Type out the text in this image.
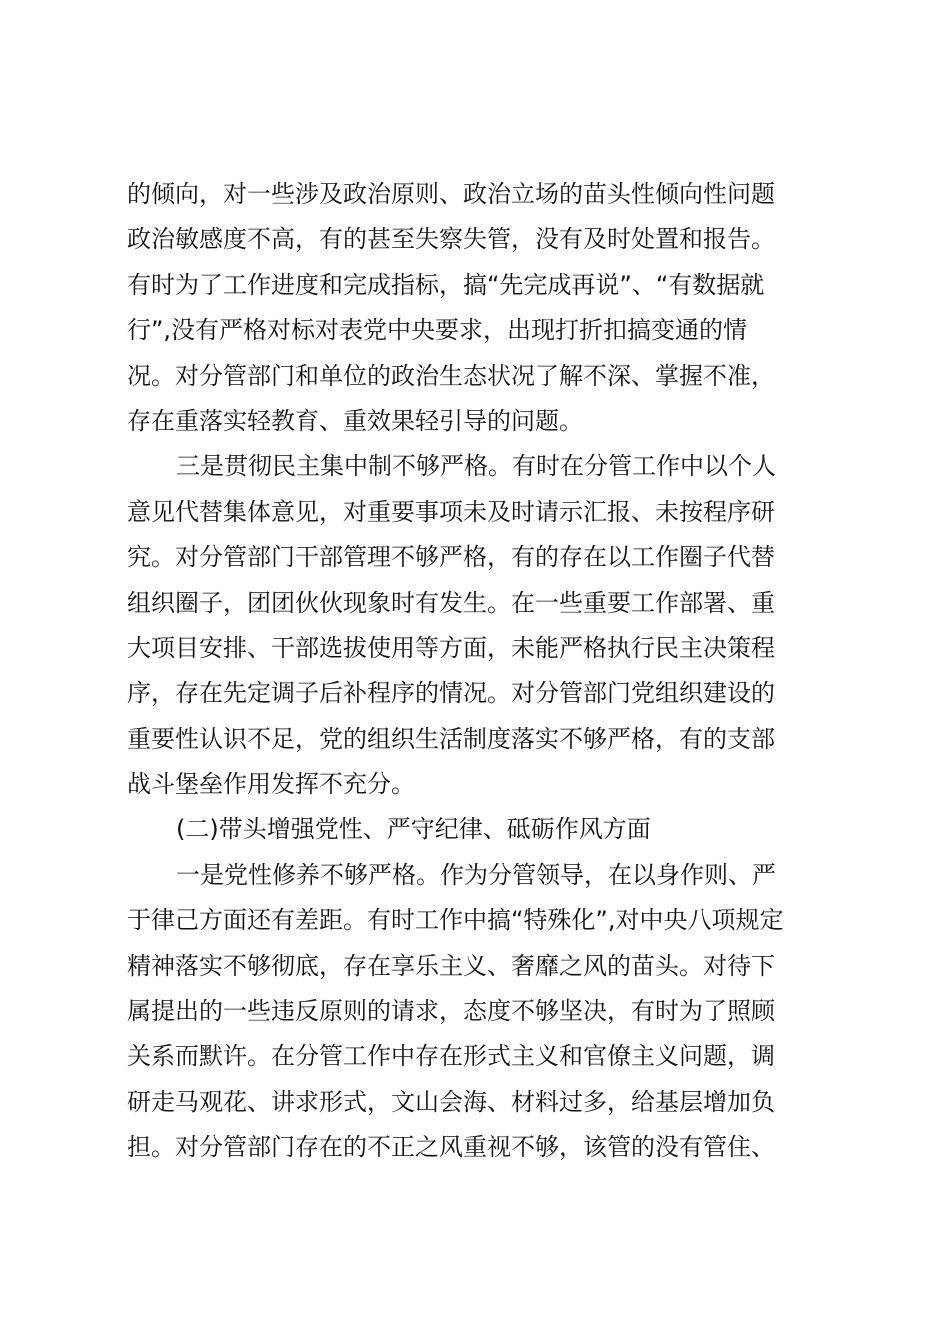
的倾向，对一些涉及政治原则、政治立场的苗头性倾向性问题
政治敏感度不高，有的甚至失察失管，没有及时处置和报告。
有时为了工作进度和完成指标，搞“先完成再说”、“有数据就
行”,没有严格对标对表党中央要求，出现打折扣搞变通的情
况。对分管部门和单位的政治生态状况了解不深、掌握不准，
存在重落实轻教育、重效果轻引导的问题。
三是贯彻民主集中制不够严格。有时在分管工作中以个人
意见代替集体意见，对重要事项未及时请示汇报、未按程序研
究。对分管部门干部管理不够严格，有的存在以工作圈子代替
组织圈子，团团伙伙现象时有发生。在一些重要工作部署、重
大项目安排、干部选拔使用等方面，未能严格执行民主决策程
序，存在先定调子后补程序的情况。对分管部门党组织建设的
重要性认识不足，党的组织生活制度落实不够严格，有的支部
战斗堡垒作用发挥不充分。
(二)带头增强党性、严守纪律、砥砺作风方面
一是党性修养不够严格。作为分管领导，在以身作则、严
于律己方面还有差距。有时工作中搞“特殊化”,对中央八项规定
精神落实不够彻底，存在享乐主义、奢靡之风的苗头。对待下
属提出的一些违反原则的请求，态度不够坚决，有时为了照顾
关系而默许。在分管工作中存在形式主义和官僚主义问题，调
研走马观花、讲求形式，文山会海、材料过多，给基层增加负
担。对分管部门存在的不正之风重视不够，该管的没有管住、
